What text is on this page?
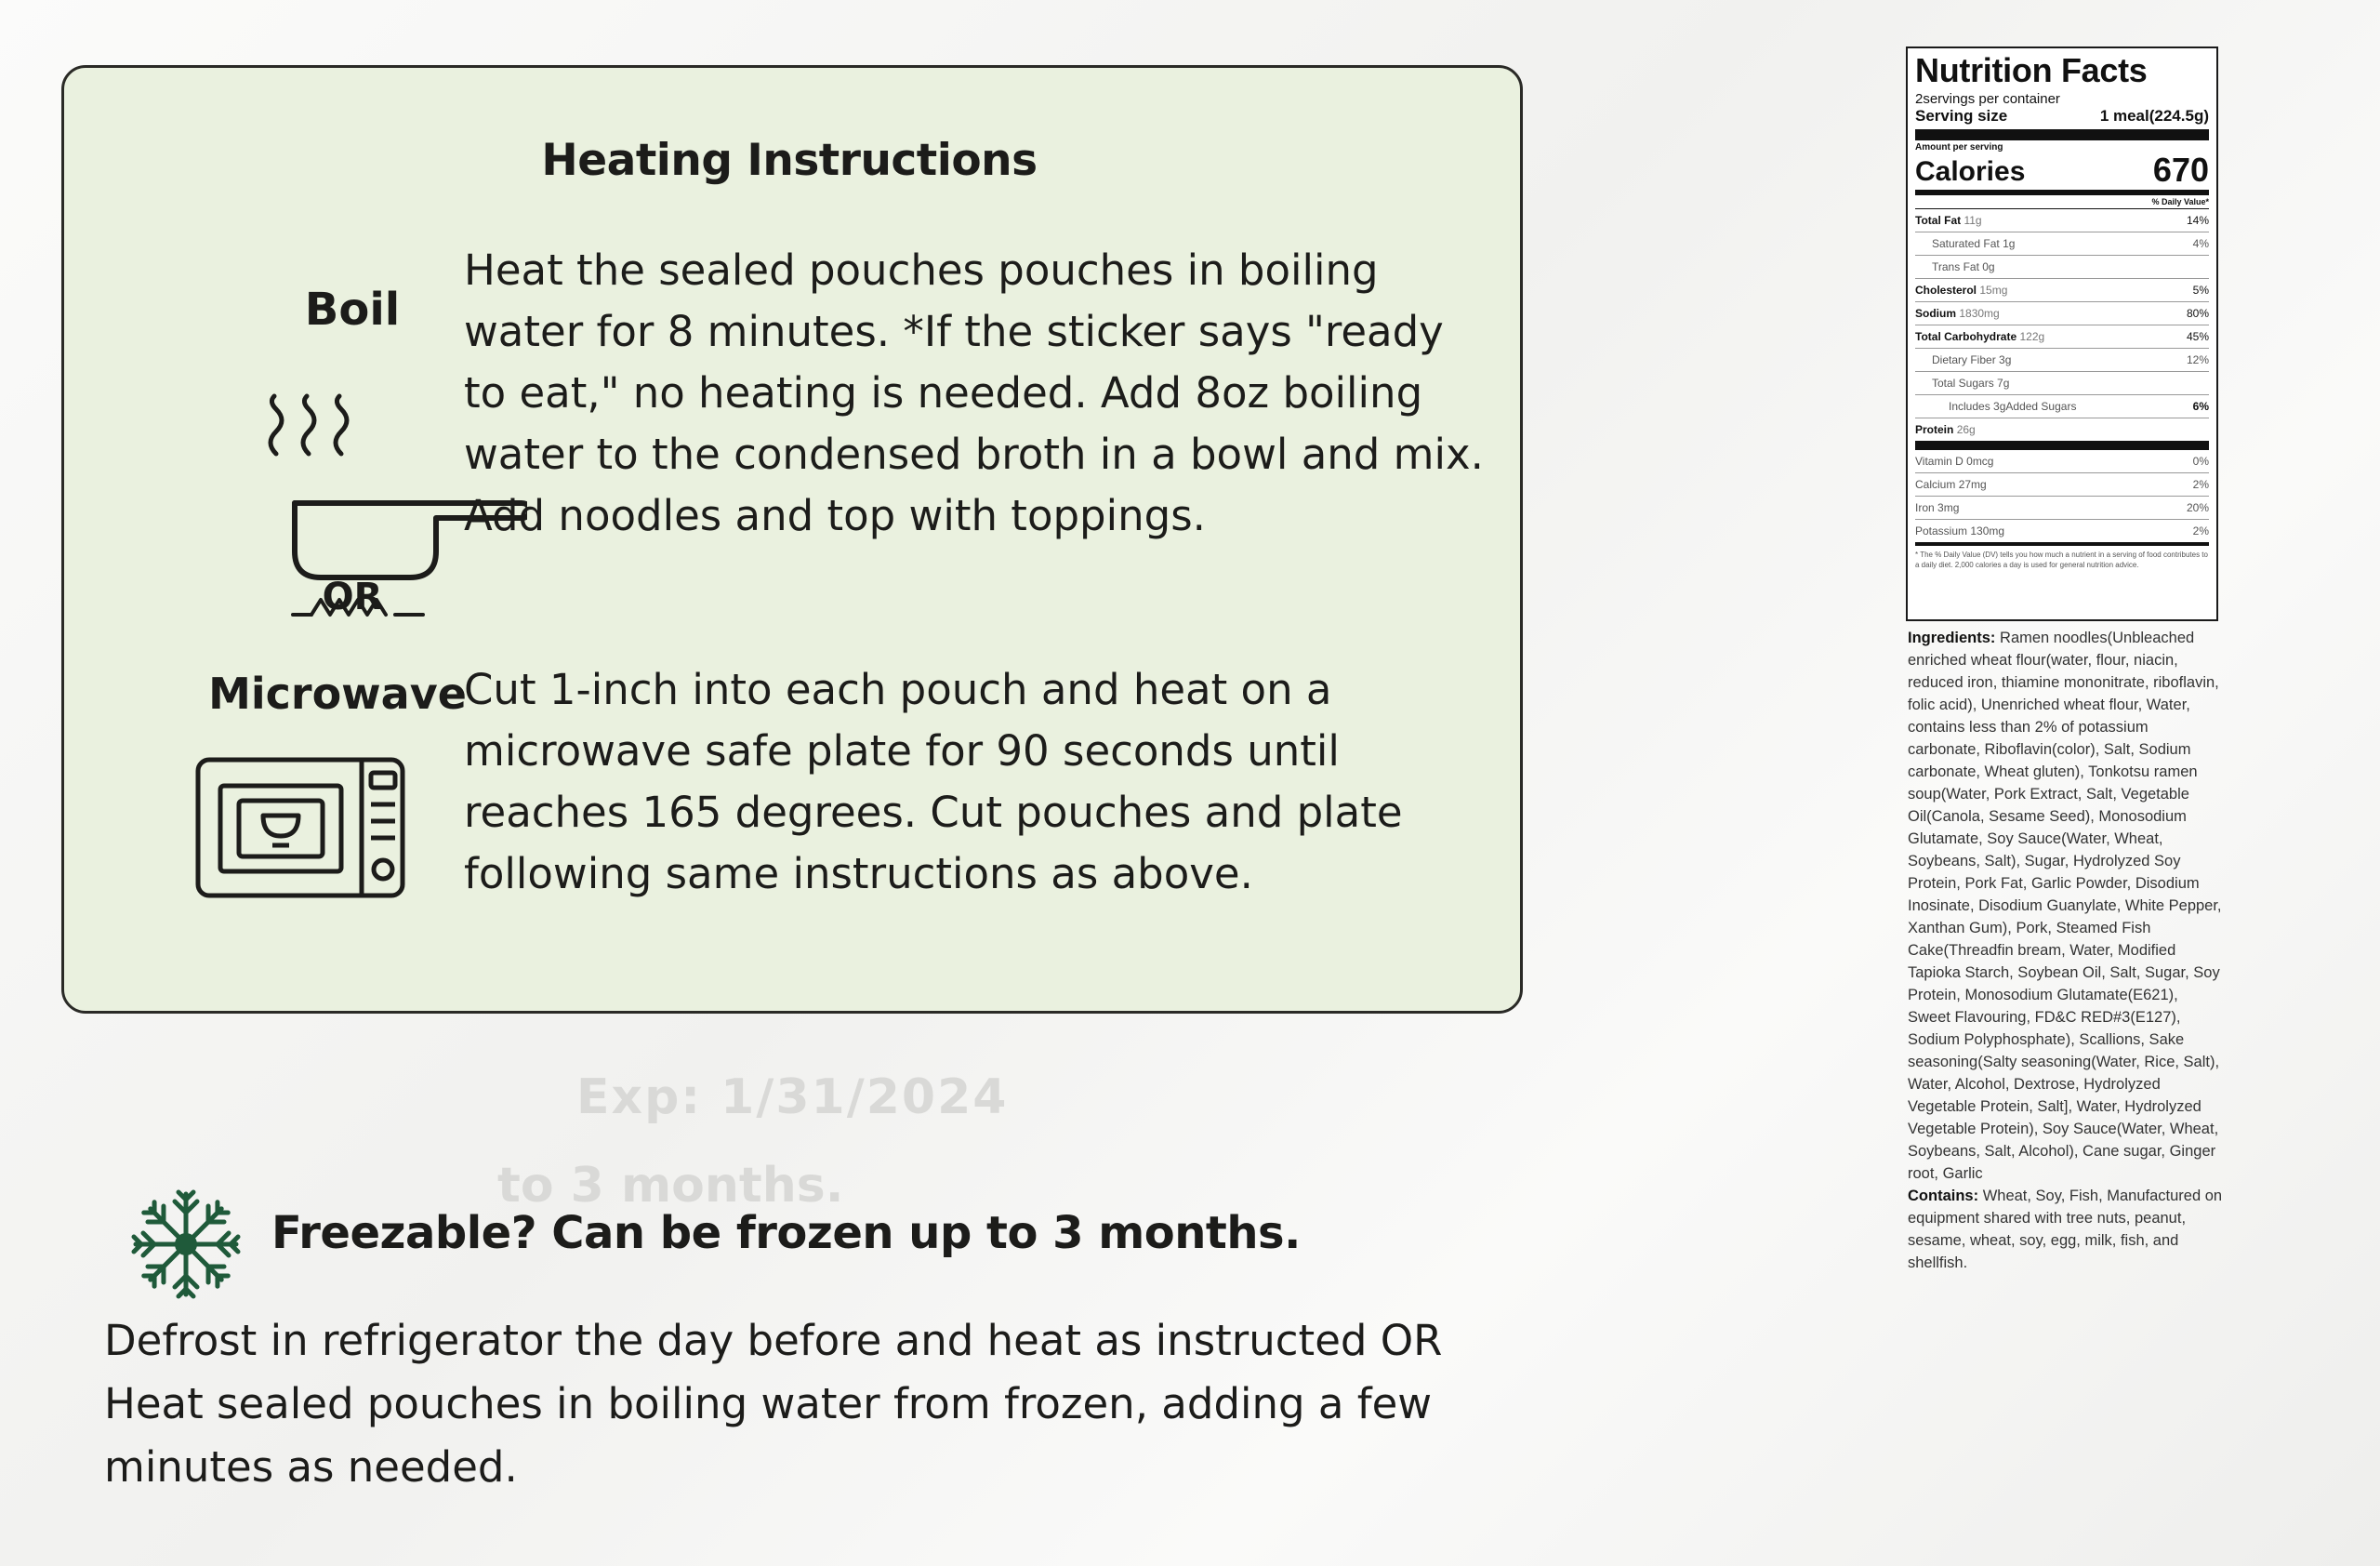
Heating Instructions
Boil
OR
Microwave

Heat the sealed pouches pouches in boiling water for 8 minutes. *If the sticker says "ready to eat," no heating is needed. Add 8oz boiling water to the condensed broth in a bowl and mix. Add noodles and top with toppings.

Cut 1-inch into each pouch and heat on a microwave safe plate for 90 seconds until reaches 165 degrees. Cut pouches and plate following same instructions as above.

Exp: 1/31/2024
to 3 months.
Freezable? Can be frozen up to 3 months.

Defrost in refrigerator the day before and heat as instructed OR Heat sealed pouches in boiling water from frozen, adding a few minutes as needed.

Nutrition Facts
2servings per container
Serving size	1 meal(224.5g)
Amount per serving
Calories	670
% Daily Value*
Total Fat 11g	14%
Saturated Fat 1g	4%
Trans Fat 0g
Cholesterol 15mg	5%
Sodium 1830mg	80%
Total Carbohydrate 122g	45%
Dietary Fiber 3g	12%
Total Sugars 7g
Includes 3gAdded Sugars	6%
Protein 26g
Vitamin D 0mcg	0%
Calcium 27mg	2%
Iron 3mg	20%
Potassium 130mg	2%
* The % Daily Value (DV) tells you how much a nutrient in a serving of food contributes to a daily diet. 2,000 calories a day is used for general nutrition advice.

Ingredients: Ramen noodles(Unbleached enriched wheat flour(water, flour, niacin, reduced iron, thiamine mononitrate, riboflavin, folic acid), Unenriched wheat flour, Water, contains less than 2% of potassium carbonate, Riboflavin(color), Salt, Sodium carbonate, Wheat gluten), Tonkotsu ramen soup(Water, Pork Extract, Salt, Vegetable Oil(Canola, Sesame Seed), Monosodium Glutamate, Soy Sauce(Water, Wheat, Soybeans, Salt), Sugar, Hydrolyzed Soy Protein, Pork Fat, Garlic Powder, Disodium Inosinate, Disodium Guanylate, White Pepper, Xanthan Gum), Pork, Steamed Fish Cake(Threadfin bream, Water, Modified Tapioka Starch, Soybean Oil, Salt, Sugar, Soy Protein, Monosodium Glutamate(E621), Sweet Flavouring, FD&C RED#3(E127), Sodium Polyphosphate), Scallions, Sake seasoning(Salty seasoning(Water, Rice, Salt), Water, Alcohol, Dextrose, Hydrolyzed Vegetable Protein, Salt], Water, Hydrolyzed Vegetable Protein), Soy Sauce(Water, Wheat, Soybeans, Salt, Alcohol), Cane sugar, Ginger root, Garlic
Contains: Wheat, Soy, Fish, Manufactured on equipment shared with tree nuts, peanut, sesame, wheat, soy, egg, milk, fish, and shellfish.
